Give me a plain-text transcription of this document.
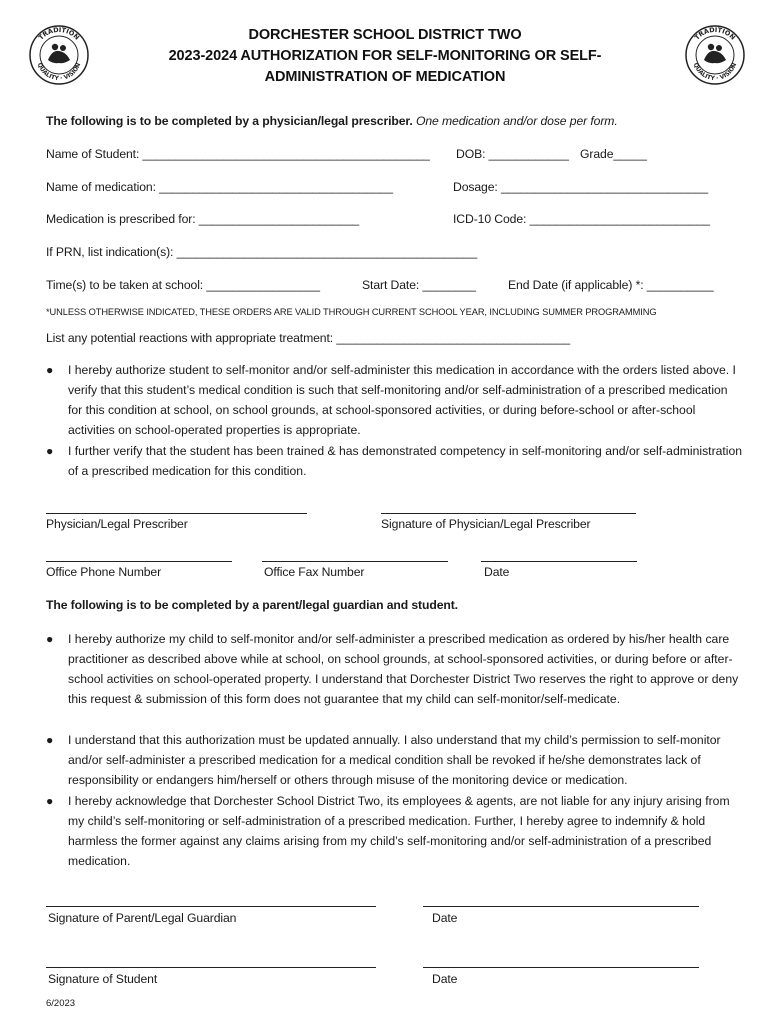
TRADITION
QUALITY · VISION
TRADITION
QUALITY · VISION
DORCHESTER SCHOOL DISTRICT TWO
2023-2024 AUTHORIZATION FOR SELF-MONITORING OR SELF-
ADMINISTRATION OF MEDICATION
The following is to be completed by a physician/legal prescriber. One medication and/or dose per form.
Name of Student: ___________________________________________ DOB: ____________ Grade_____
Name of medication: ___________________________________	Dosage: _______________________________
Medication is prescribed for: ________________________	ICD-10 Code: ___________________________
If PRN, list indication(s): _____________________________________________
Time(s) to be taken at school: _________________	Start Date: ________	End Date (if applicable) *: __________
*UNLESS OTHERWISE INDICATED, THESE ORDERS ARE VALID THROUGH CURRENT SCHOOL YEAR, INCLUDING SUMMER PROGRAMMING
List any potential reactions with appropriate treatment: ___________________________________
● I hereby authorize student to self-monitor and/or self-administer this medication in accordance with the orders listed above. I verify that this student’s medical condition is such that self-monitoring and/or self-administration of a prescribed medication for this condition at school, on school grounds, at school-sponsored activities, or during before-school or after-school activities on school-operated properties is appropriate.
● I further verify that the student has been trained & has demonstrated competency in self-monitoring and/or self-administration of a prescribed medication for this condition.
Physician/Legal Prescriber	Signature of Physician/Legal Prescriber
Office Phone Number	Office Fax Number	Date
The following is to be completed by a parent/legal guardian and student.
● I hereby authorize my child to self-monitor and/or self-administer a prescribed medication as ordered by his/her health care practitioner as described above while at school, on school grounds, at school-sponsored activities, or during before or after-school activities on school-operated property. I understand that Dorchester District Two reserves the right to approve or deny this request & submission of this form does not guarantee that my child can self-monitor/self-medicate.
● I understand that this authorization must be updated annually. I also understand that my child’s permission to self-monitor and/or self-administer a prescribed medication for a medical condition shall be revoked if he/she demonstrates lack of responsibility or endangers him/herself or others through misuse of the monitoring device or medication.
● I hereby acknowledge that Dorchester School District Two, its employees & agents, are not liable for any injury arising from my child’s self-monitoring or self-administration of a prescribed medication. Further, I hereby agree to indemnify & hold harmless the former against any claims arising from my child’s self-monitoring and/or self-administration of a prescribed medication.
Signature of Parent/Legal Guardian	Date
Signature of Student	Date
6/2023
